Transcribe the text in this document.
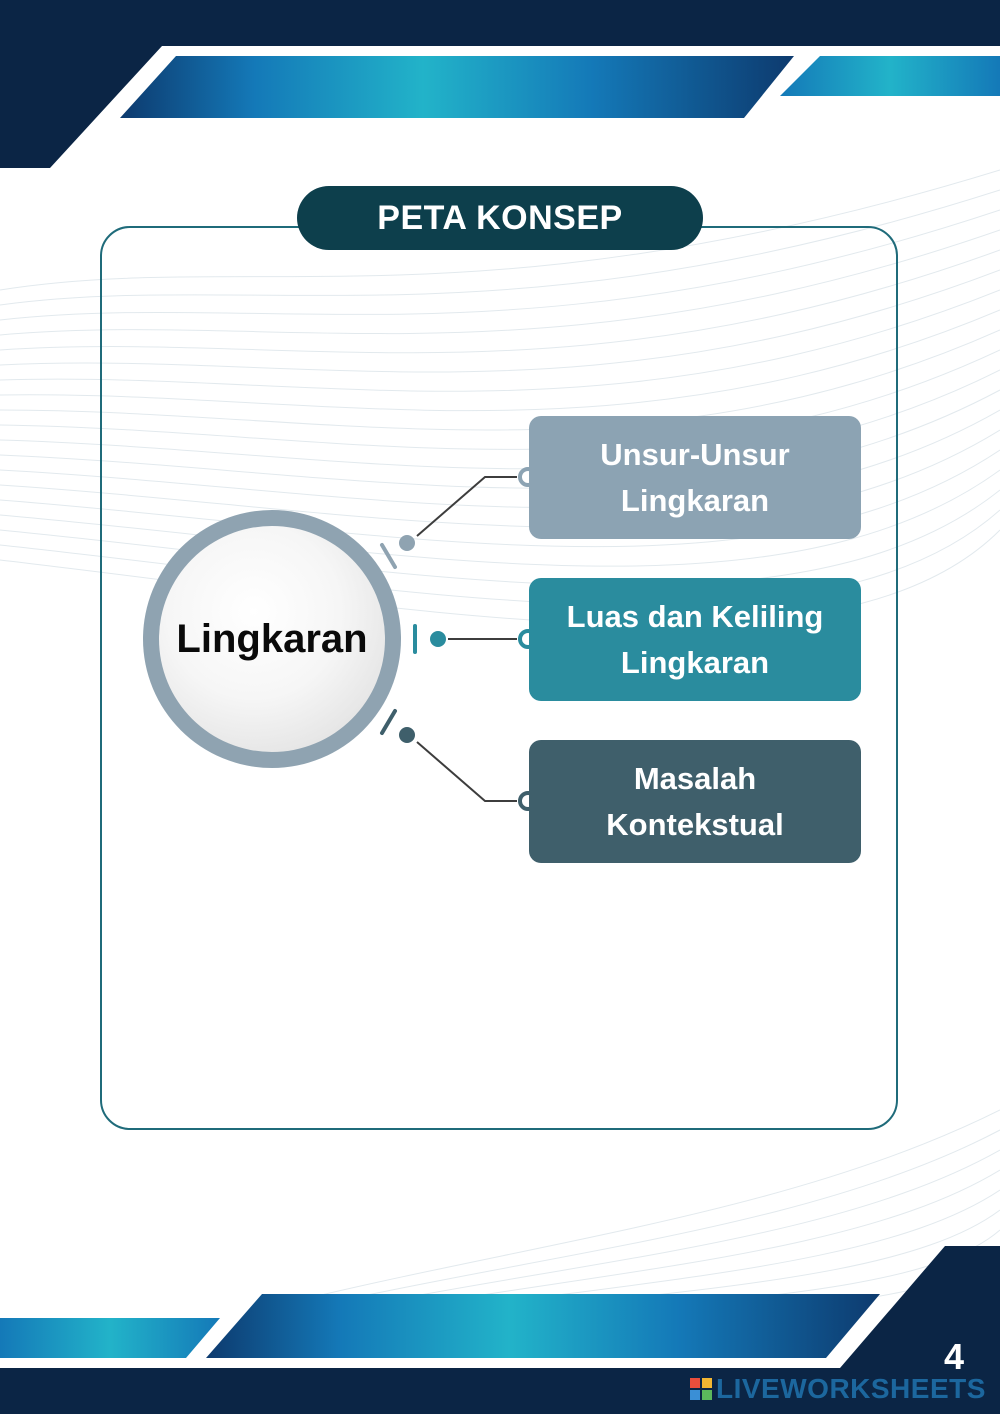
PETA KONSEP
Lingkaran
Unsur-Unsur Lingkaran
Luas dan Keliling Lingkaran
Masalah Kontekstual
4
LIVEWORKSHEETS
